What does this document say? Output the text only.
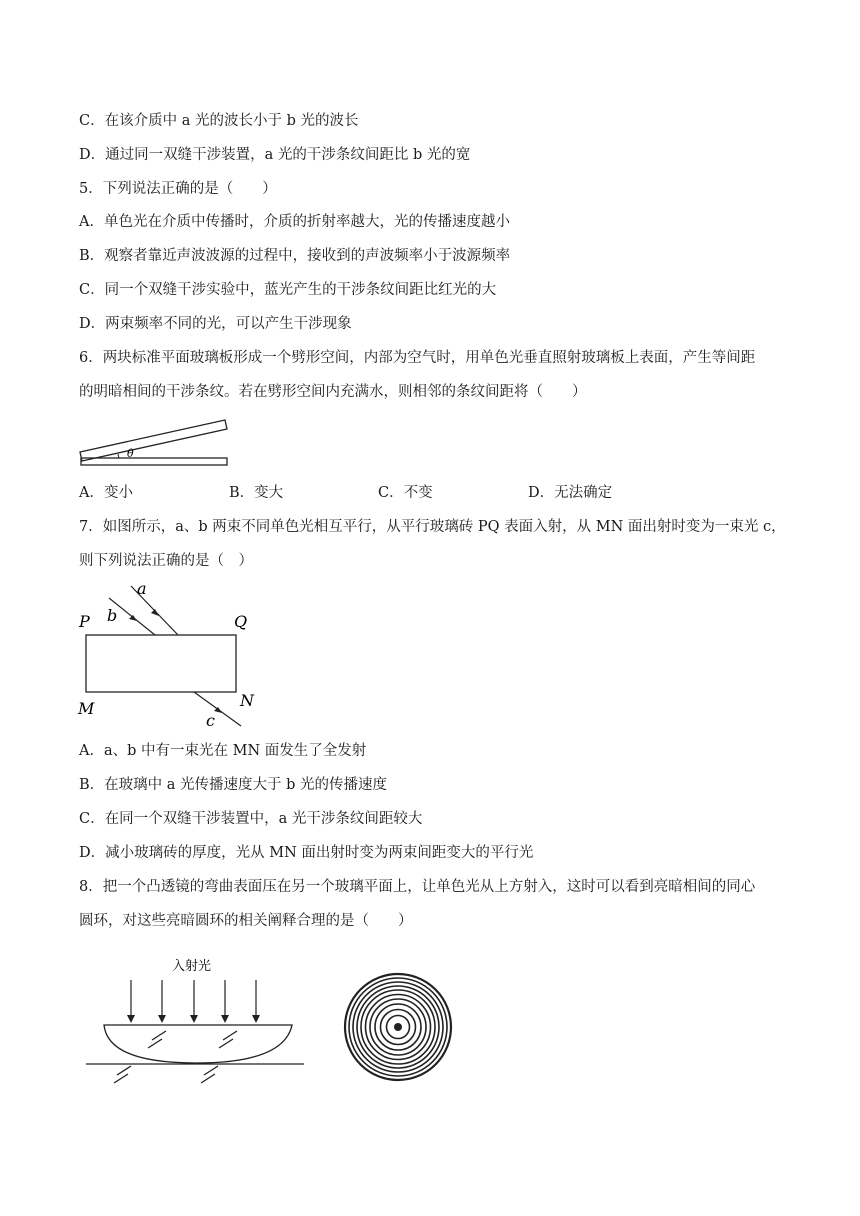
C．在该介质中 a 光的波长小于 b 光的波长
D．通过同一双缝干涉装置，a 光的干涉条纹间距比 b 光的宽
5．下列说法正确的是（　　）
A．单色光在介质中传播时，介质的折射率越大，光的传播速度越小
B．观察者靠近声波波源的过程中，接收到的声波频率小于波源频率
C．同一个双缝干涉实验中，蓝光产生的干涉条纹间距比红光的大
D．两束频率不同的光，可以产生干涉现象
6．两块标准平面玻璃板形成一个劈形空间，内部为空气时，用单色光垂直照射玻璃板上表面，产生等间距
的明暗相间的干涉条纹。若在劈形空间内充满水，则相邻的条纹间距将（　　）
θ
A．变小	B．变大	C．不变	D．无法确定
7．如图所示，a、b 两束不同单色光相互平行，从平行玻璃砖 PQ 表面入射，从 MN 面出射时变为一束光 c，
则下列说法正确的是（　）
a
b
c
P	Q
M	N
A．a、b 中有一束光在 MN 面发生了全发射
B．在玻璃中 a 光传播速度大于 b 光的传播速度
C．在同一个双缝干涉装置中，a 光干涉条纹间距较大
D．减小玻璃砖的厚度，光从 MN 面出射时变为两束间距变大的平行光
8．把一个凸透镜的弯曲表面压在另一个玻璃平面上，让单色光从上方射入，这时可以看到亮暗相间的同心
圆环，对这些亮暗圆环的相关阐释合理的是（　　）
入射光
